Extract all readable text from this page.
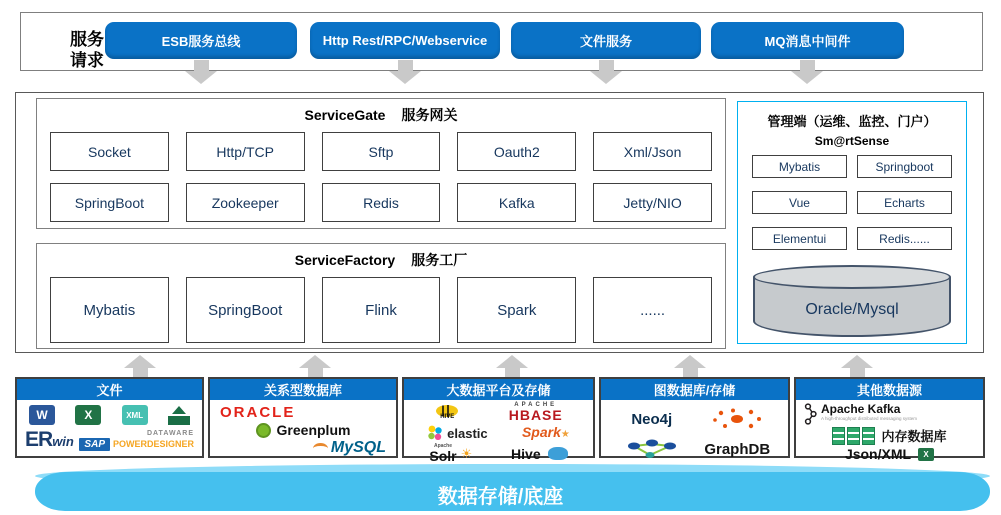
服务
请求
ESB服务总线	Http Rest/RPC/Webservice	文件服务	MQ消息中间件
ServiceGate 服务网关
Socket	Http/TCP	Sftp	Oauth2	Xml/Json
SpringBoot	Zookeeper	Redis	Kafka	Jetty/NIO
ServiceFactory 服务工厂
Mybatis	SpringBoot	Flink	Spark	......
管理端（运维、监控、门户）
Sm@rtSense
Mybatis	Springboot
Vue	Echarts
Elementui	Redis......
Oracle/Mysql
文件
W	X	XML
ERwin
DATAWARE
SAP POWERDESIGNER
关系型数据库
ORACLE
Greenplum
MySQL
大数据平台及存储
HIVE
APACHE
HBASE
elastic Spark★
Apache
Solr ☀	Hive
图数据库/存储
Neo4j
GraphDB
其他数据源
Apache Kafka
A high-throughput distributed messaging system
内存数据库
Json/XML	X
数据存储/底座
